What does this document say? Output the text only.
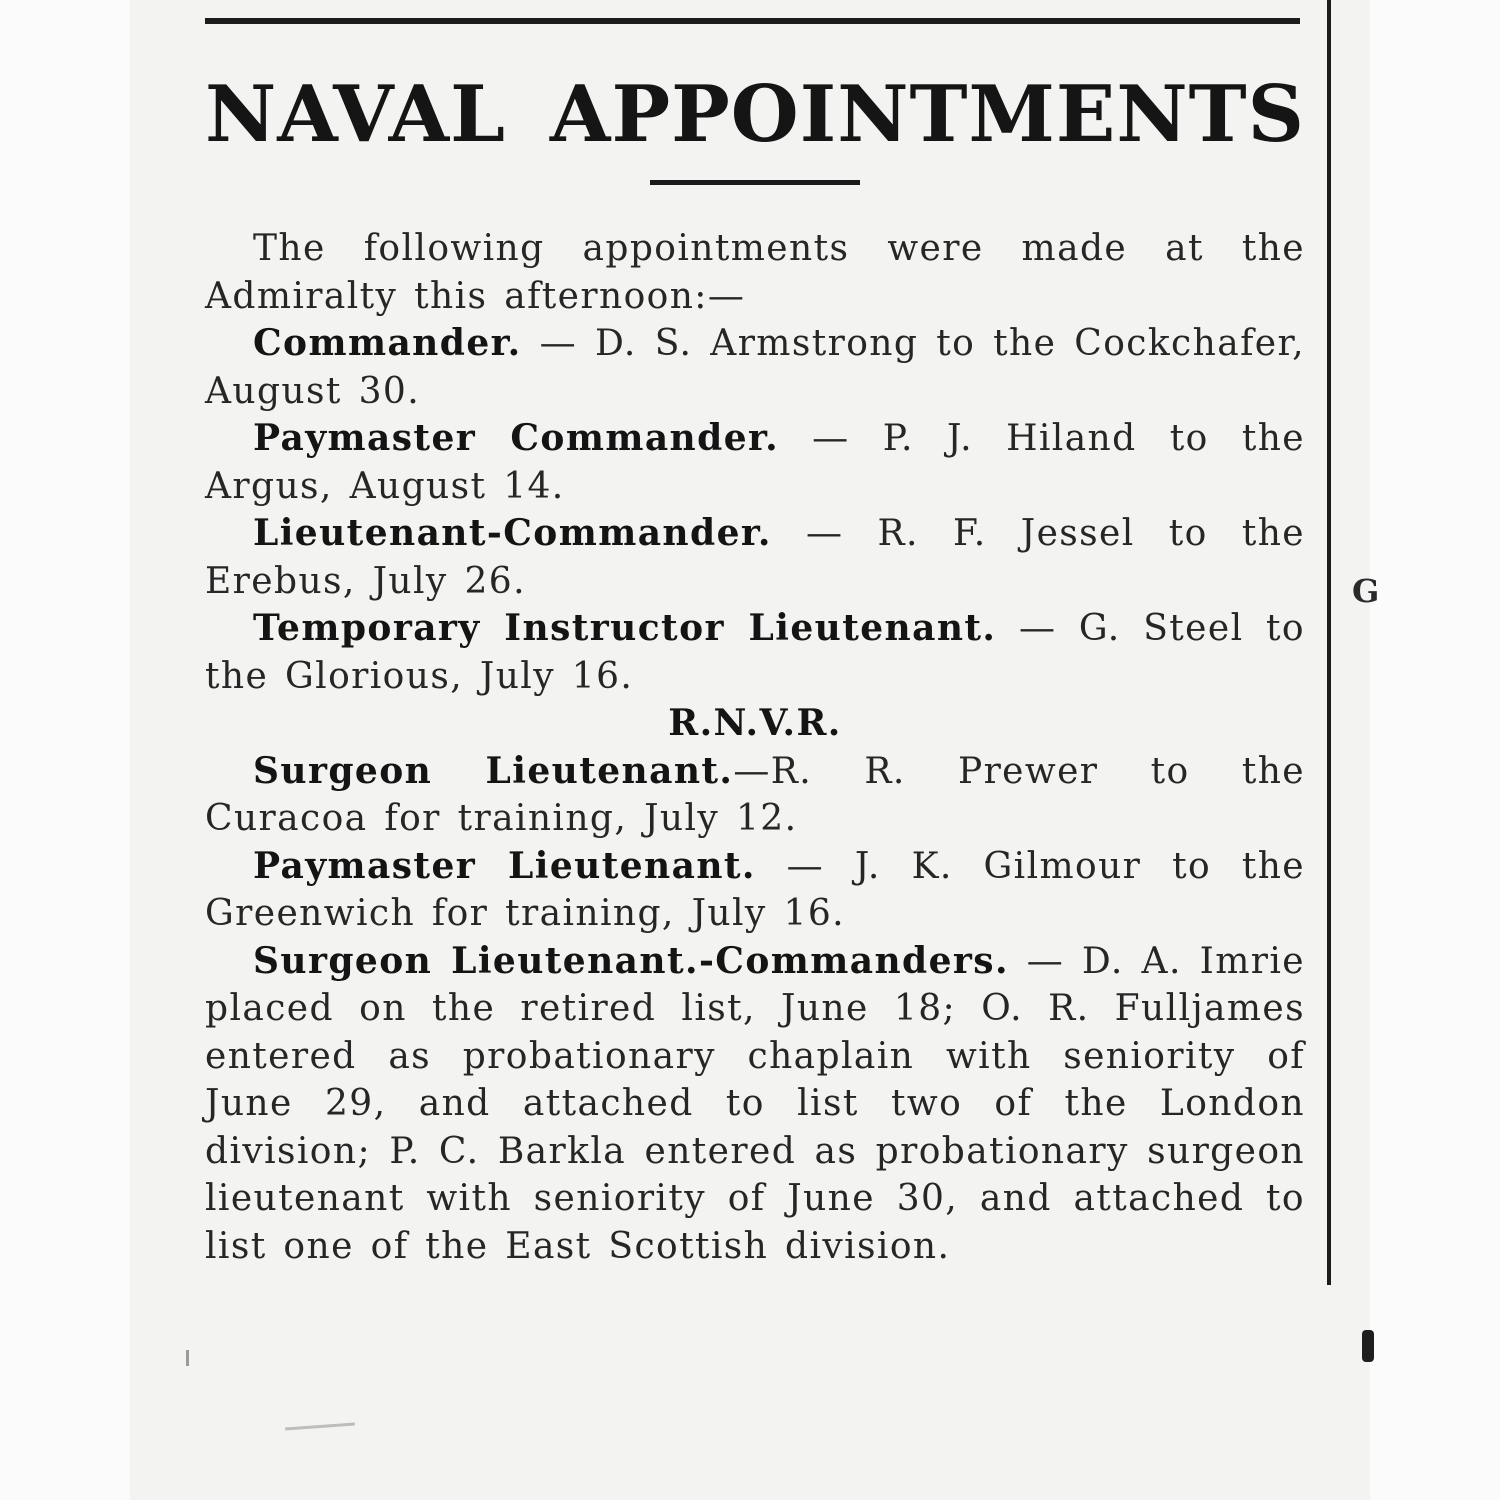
NAVAL APPOINTMENTS

The following appointments were made at the Admiralty this afternoon:—

Commander. — D. S. Armstrong to the Cockchafer, August 30.

Paymaster Commander. — P. J. Hiland to the Argus, August 14.

Lieutenant-Commander. — R. F. Jessel to the Erebus, July 26.

Temporary Instructor Lieutenant. — G. Steel to the Glorious, July 16.

R.N.V.R.

Surgeon Lieutenant.—R. R. Prewer to the Curacoa for training, July 12.

Paymaster Lieutenant. — J. K. Gilmour to the Greenwich for training, July 16.

Surgeon Lieutenant.-Commanders. — D. A. Imrie placed on the retired list, June 18; O. R. Fulljames entered as probationary chaplain with seniority of June 29, and attached to list two of the London division; P. C. Barkla entered as probationary surgeon lieutenant with seniority of June 30, and attached to list one of the East Scottish division.

G
